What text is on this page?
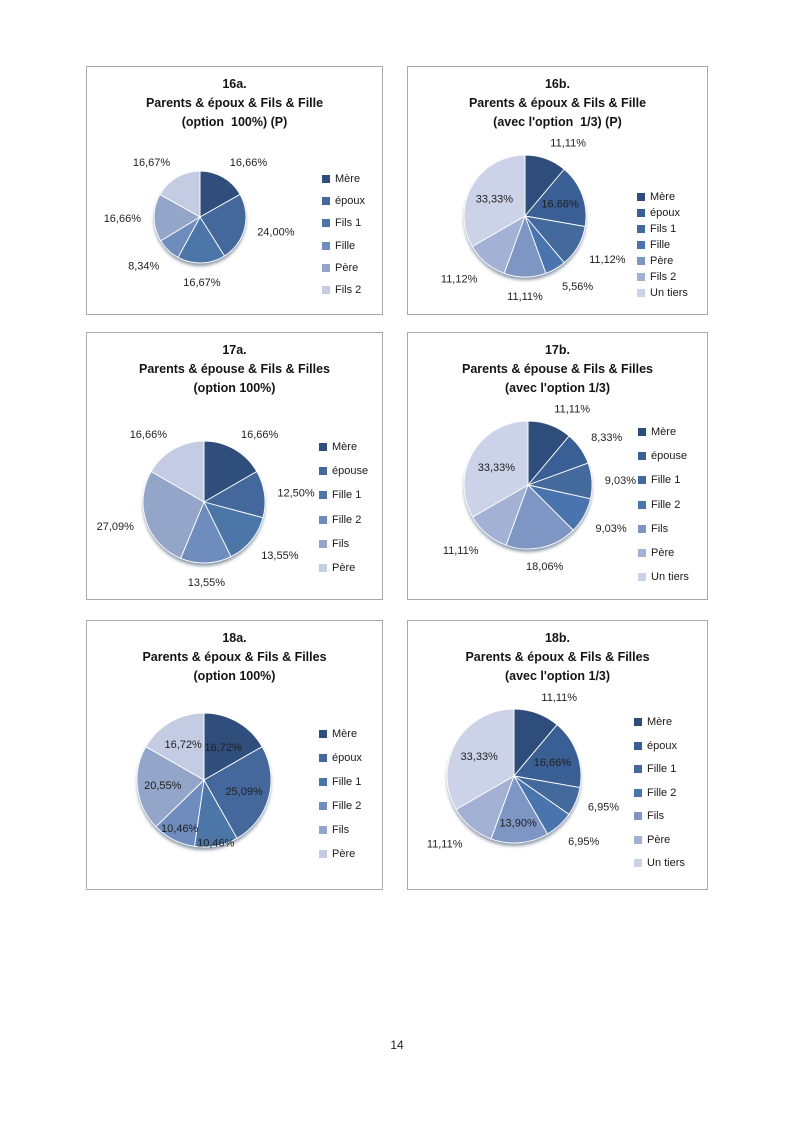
16a.
Parents & époux & Fils & Fille
(option  100%) (P)
16,66%
24,00%
16,67%
8,34%
16,66%
16,67%
Mère
époux
Fils 1
Fille
Père
Fils 2
16b.
Parents & époux & Fils & Fille
(avec l'option  1/3) (P)
11,11%
16,66%
11,12%
5,56%
11,11%
11,12%
33,33%	Mère
époux
Fils 1
Fille
Père
Fils 2
Un tiers
17a.
Parents & épouse & Fils & Filles
(option 100%)
16,66%
12,50%
13,55%
13,55%
27,09%
16,66%
Mère
épouse
Fille 1
Fille 2
Fils
Père
17b.
Parents & épouse & Fils & Filles
(avec l'option 1/3)
11,11%
8,33%
9,03%
9,03%
18,06%
11,11%
33,33%
Mère
épouse
Fille 1
Fille 2
Fils
Père
Un tiers
18a.
Parents & époux & Fils & Filles
(option 100%)
16,72%
25,09%
10,46%
10,46%
20,55%
16,72%
Mère
époux
Fille 1
Fille 2
Fils
Père
18b.
Parents & époux & Fils & Filles
(avec l'option 1/3)
11,11%
16,66%
6,95%
6,95%
13,90%
11,11%
33,33%
Mère
époux
Fille 1
Fille 2
Fils
Père
Un tiers
14
